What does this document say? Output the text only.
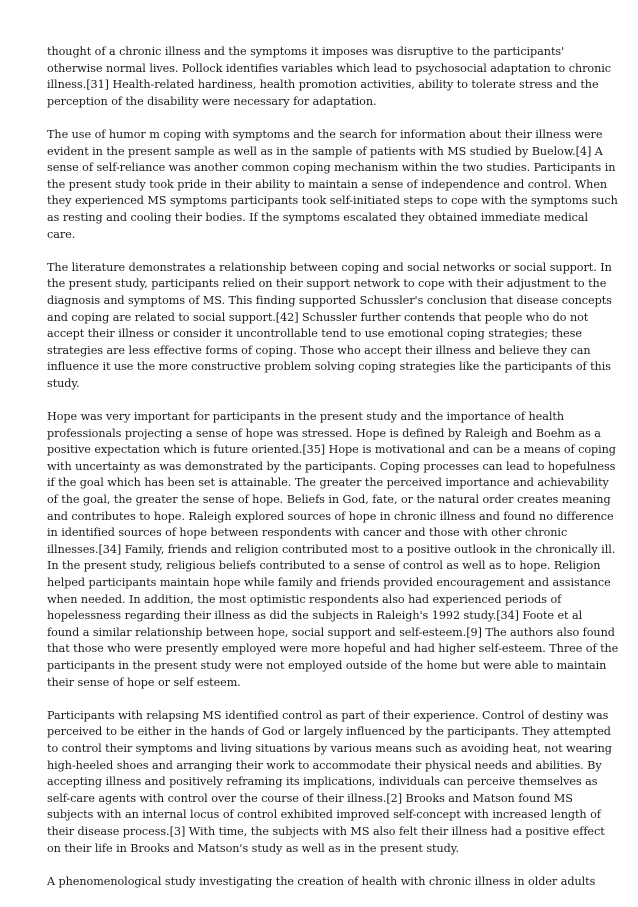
thought of a chronic illness and the symptoms it imposes was disruptive to the participants'
otherwise normal lives. Pollock identifies variables which lead to psychosocial adaptation to chronic
illness.[31] Health-related hardiness, health promotion activities, ability to tolerate stress and the
perception of the disability were necessary for adaptation.

The use of humor m coping with symptoms and the search for information about their illness were
evident in the present sample as well as in the sample of patients with MS studied by Buelow.[4] A
sense of self-reliance was another common coping mechanism within the two studies. Participants in
the present study took pride in their ability to maintain a sense of independence and control. When
they experienced MS symptoms participants took self-initiated steps to cope with the symptoms such
as resting and cooling their bodies. If the symptoms escalated they obtained immediate medical
care.

The literature demonstrates a relationship between coping and social networks or social support. In
the present study, participants relied on their support network to cope with their adjustment to the
diagnosis and symptoms of MS. This finding supported Schussler's conclusion that disease concepts
and coping are related to social support.[42] Schussler further contends that people who do not
accept their illness or consider it uncontrollable tend to use emotional coping strategies; these
strategies are less effective forms of coping. Those who accept their illness and believe they can
influence it use the more constructive problem solving coping strategies like the participants of this
study.

Hope was very important for participants in the present study and the importance of health
professionals projecting a sense of hope was stressed. Hope is defined by Raleigh and Boehm as a
positive expectation which is future oriented.[35] Hope is motivational and can be a means of coping
with uncertainty as was demonstrated by the participants. Coping processes can lead to hopefulness
if the goal which has been set is attainable. The greater the perceived importance and achievability
of the goal, the greater the sense of hope. Beliefs in God, fate, or the natural order creates meaning
and contributes to hope. Raleigh explored sources of hope in chronic illness and found no difference
in identified sources of hope between respondents with cancer and those with other chronic
illnesses.[34] Family, friends and religion contributed most to a positive outlook in the chronically ill.
In the present study, religious beliefs contributed to a sense of control as well as to hope. Religion
helped participants maintain hope while family and friends provided encouragement and assistance
when needed. In addition, the most optimistic respondents also had experienced periods of
hopelessness regarding their illness as did the subjects in Raleigh's 1992 study.[34] Foote et al
found a similar relationship between hope, social support and self-esteem.[9] The authors also found
that those who were presently employed were more hopeful and had higher self-esteem. Three of the
participants in the present study were not employed outside of the home but were able to maintain
their sense of hope or self esteem.

Participants with relapsing MS identified control as part of their experience. Control of destiny was
perceived to be either in the hands of God or largely influenced by the participants. They attempted
to control their symptoms and living situations by various means such as avoiding heat, not wearing
high-heeled shoes and arranging their work to accommodate their physical needs and abilities. By
accepting illness and positively reframing its implications, individuals can perceive themselves as
self-care agents with control over the course of their illness.[2] Brooks and Matson found MS
subjects with an internal locus of control exhibited improved self-concept with increased length of
their disease process.[3] With time, the subjects with MS also felt their illness had a positive effect
on their life in Brooks and Matson's study as well as in the present study.

A phenomenological study investigating the creation of health with chronic illness in older adults
